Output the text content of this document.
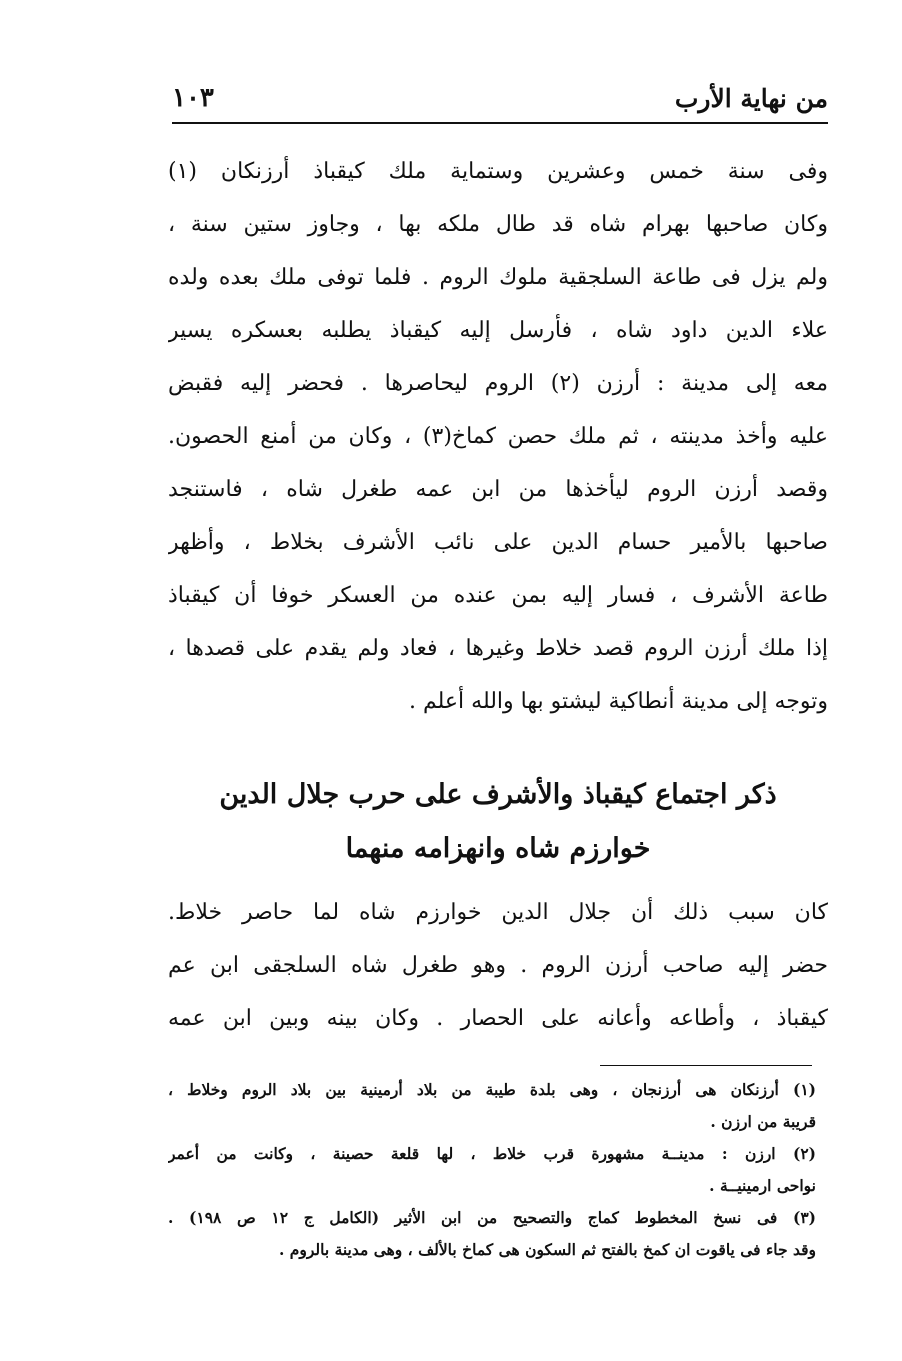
من نهاية الأرب
١٠٣
وفى سنة خمس وعشرين وستماية ملك كيقباذ أرزنكان (١)
وكان صاحبها بهرام شاه قد طال ملكه بها ، وجاوز ستين سنة ،
ولم يزل فى طاعة السلجقية ملوك الروم . فلما توفى ملك بعده ولده
علاء الدين داود شاه ، فأرسل إليه كيقباذ يطلبه بعسكره يسير
معه إلى مدينة : أرزن (٢) الروم ليحاصرها . فحضر إليه فقبض
عليه وأخذ مدينته ، ثم ملك حصن كماخ(٣) ، وكان من أمنع الحصون.
وقصد أرزن الروم ليأخذها من ابن عمه طغرل شاه ، فاستنجد
صاحبها بالأمير حسام الدين على نائب الأشرف بخلاط ، وأظهر
طاعة الأشرف ، فسار إليه بمن عنده من العسكر خوفا أن كيقباذ
إذا ملك أرزن الروم قصد خلاط وغيرها ، فعاد ولم يقدم على قصدها ،
وتوجه إلى مدينة أنطاكية ليشتو بها والله أعلم .
ذكر اجتماع كيقباذ والأشرف على حرب جلال الدين
خوارزم شاه وانهزامه منهما
كان سبب ذلك أن جلال الدين خوارزم شاه لما حاصر خلاط.
حضر إليه صاحب أرزن الروم . وهو طغرل شاه السلجقى ابن عم
كيقباذ ، وأطاعه وأعانه على الحصار . وكان بينه وبين ابن عمه
(١) أرزنكان هى أرزنجان ، وهى بلدة طيبة من بلاد أرمينية بين بلاد الروم وخلاط ،
قريبة من ارزن .
(٢) ارزن : مدينــة مشهورة قرب خلاط ، لها قلعة حصينة ، وكانت من أعمر
نواحى ارمينيــة .
(٣) فى نسخ المخطوط كماج والتصحيح من ابن الأثير (الكامل ج ١٢ ص ١٩٨) .
وقد جاء فى ياقوت ان كمخ بالفتح ثم السكون هى كماخ بالألف ، وهى مدينة بالروم .
